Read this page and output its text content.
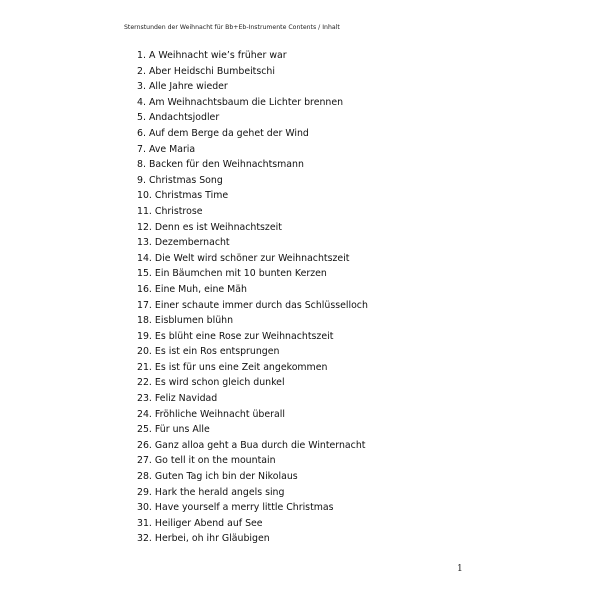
Sternstunden der Weihnacht für Bb+Eb-Instrumente Contents / Inhalt
1. A Weihnacht wie’s früher war
2. Aber Heidschi Bumbeitschi
3. Alle Jahre wieder
4. Am Weihnachtsbaum die Lichter brennen
5. Andachtsjodler
6. Auf dem Berge da gehet der Wind
7. Ave Maria
8. Backen für den Weihnachtsmann
9. Christmas Song
10. Christmas Time
11. Christrose
12. Denn es ist Weihnachtszeit
13. Dezembernacht
14. Die Welt wird schöner zur Weihnachtszeit
15. Ein Bäumchen mit 10 bunten Kerzen
16. Eine Muh, eine Mäh
17. Einer schaute immer durch das Schlüsselloch
18. Eisblumen blühn
19. Es blüht eine Rose zur Weihnachtszeit
20. Es ist ein Ros entsprungen
21. Es ist für uns eine Zeit angekommen
22. Es wird schon gleich dunkel
23. Feliz Navidad
24. Fröhliche Weihnacht überall
25. Für uns Alle
26. Ganz alloa geht a Bua durch die Winternacht
27. Go tell it on the mountain
28. Guten Tag ich bin der Nikolaus
29. Hark the herald angels sing
30. Have yourself a merry little Christmas
31. Heiliger Abend auf See
32. Herbei, oh ihr Gläubigen
1
